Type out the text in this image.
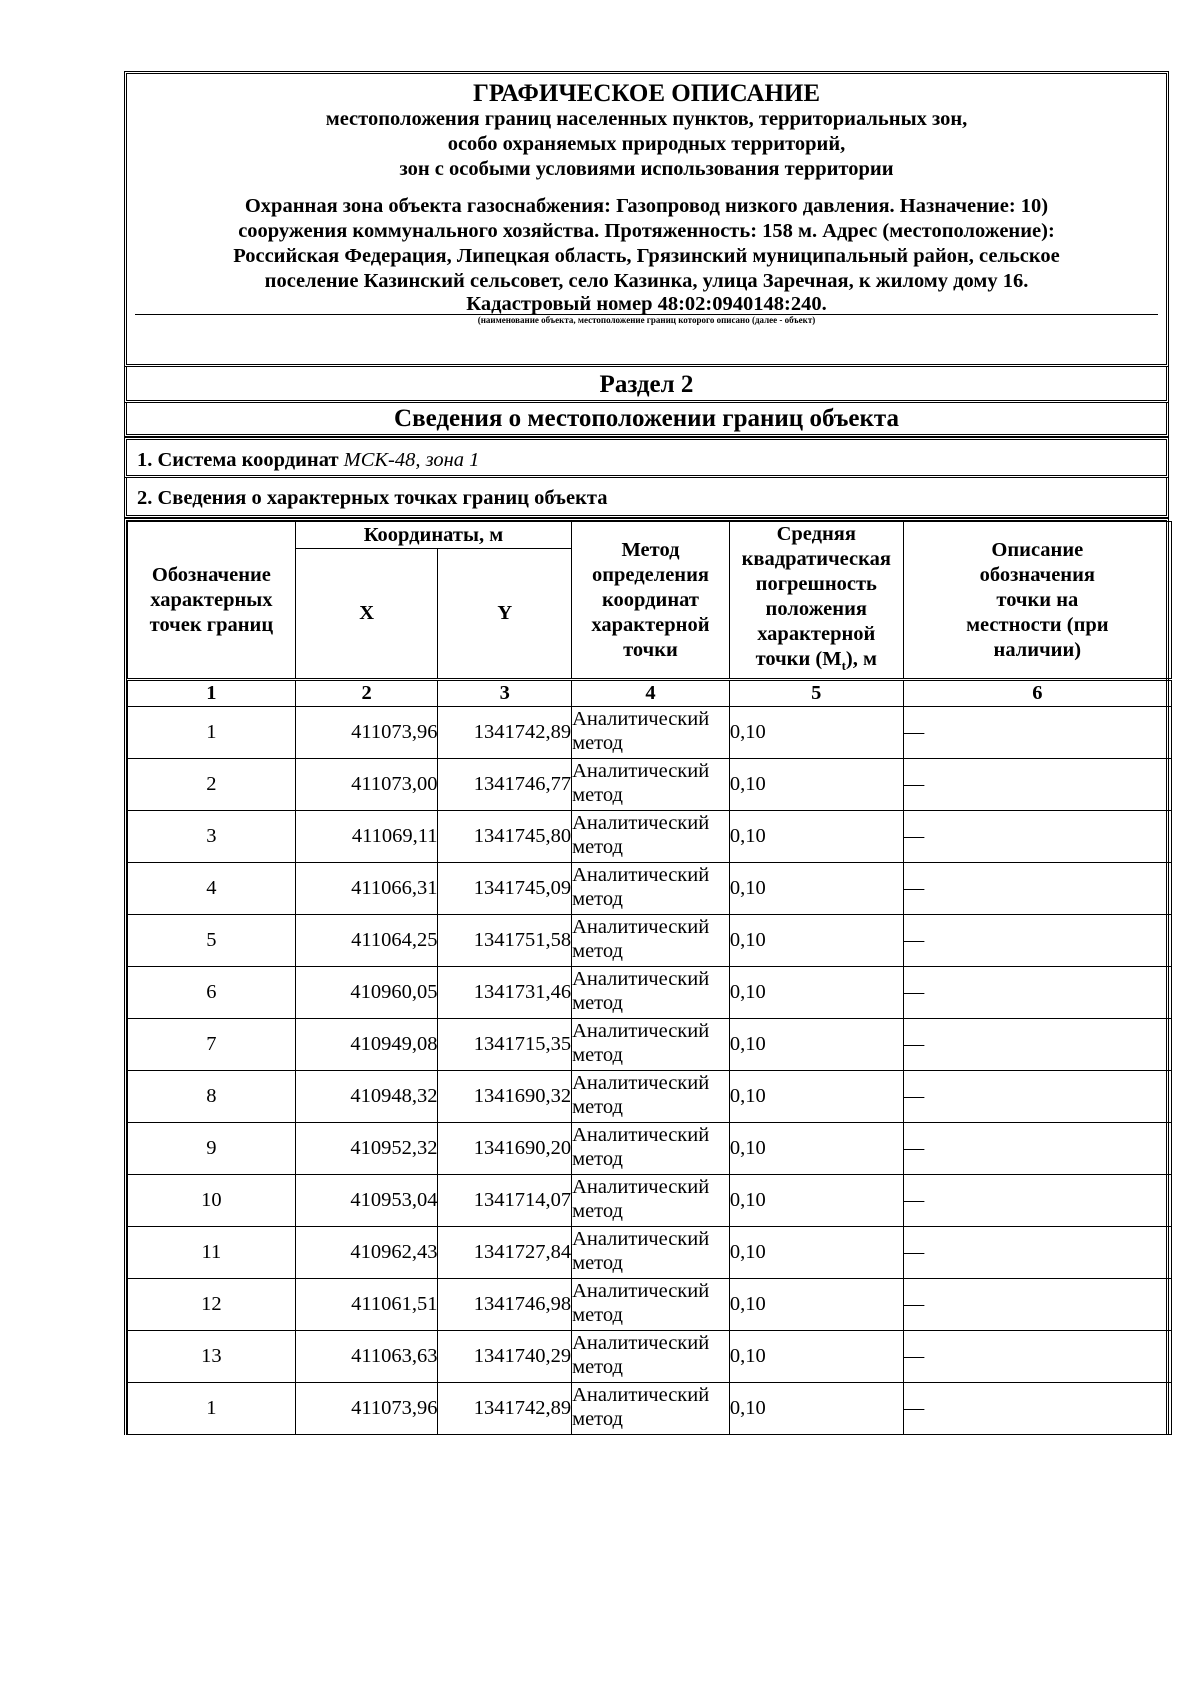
ГРАФИЧЕСКОЕ ОПИСАНИЕ
местоположения границ населенных пунктов, территориальных зон,
особо охраняемых природных территорий,
зон с особыми условиями использования территории
Охранная зона объекта газоснабжения: Газопровод низкого давления. Назначение: 10)
сооружения коммунального хозяйства. Протяженность: 158 м. Адрес (местоположение):
Российская Федерация, Липецкая область, Грязинский муниципальный район, сельское
поселение Казинский сельсовет, село Казинка, улица Заречная, к жилому дому 16.
Кадастровый номер 48:02:0940148:240.
(наименование объекта, местоположение границ которого описано (далее - объект)
Раздел 2
Сведения о местоположении границ объекта
1. Система координат МСК-48, зона 1
2. Сведения о характерных точках границ объекта
Обозначение характерных точек границ	Координаты, м		Метод определения координат характерной точки	Средняя квадратическая погрешность положения характерной точки $(M_t)$, м	Описание обозначения точки на местности (при наличии)
	X	Y			
1	2	3	4	5	6
1	411073,96	1341742,89	Аналитический метод	0,10	—
2	411073,00	1341746,77	Аналитический метод	0,10	—
3	411069,11	1341745,80	Аналитический метод	0,10	—
4	411066,31	1341745,09	Аналитический метод	0,10	—
5	411064,25	1341751,58	Аналитический метод	0,10	—
6	410960,05	1341731,46	Аналитический метод	0,10	—
7	410949,08	1341715,35	Аналитический метод	0,10	—
8	410948,32	1341690,32	Аналитический метод	0,10	—
9	410952,32	1341690,20	Аналитический метод	0,10	—
10	410953,04	1341714,07	Аналитический метод	0,10	—
11	410962,43	1341727,84	Аналитический метод	0,10	—
12	411061,51	1341746,98	Аналитический метод	0,10	—
13	411063,63	1341740,29	Аналитический метод	0,10	—
1	411073,96	1341742,89	Аналитический метод	0,10	—
